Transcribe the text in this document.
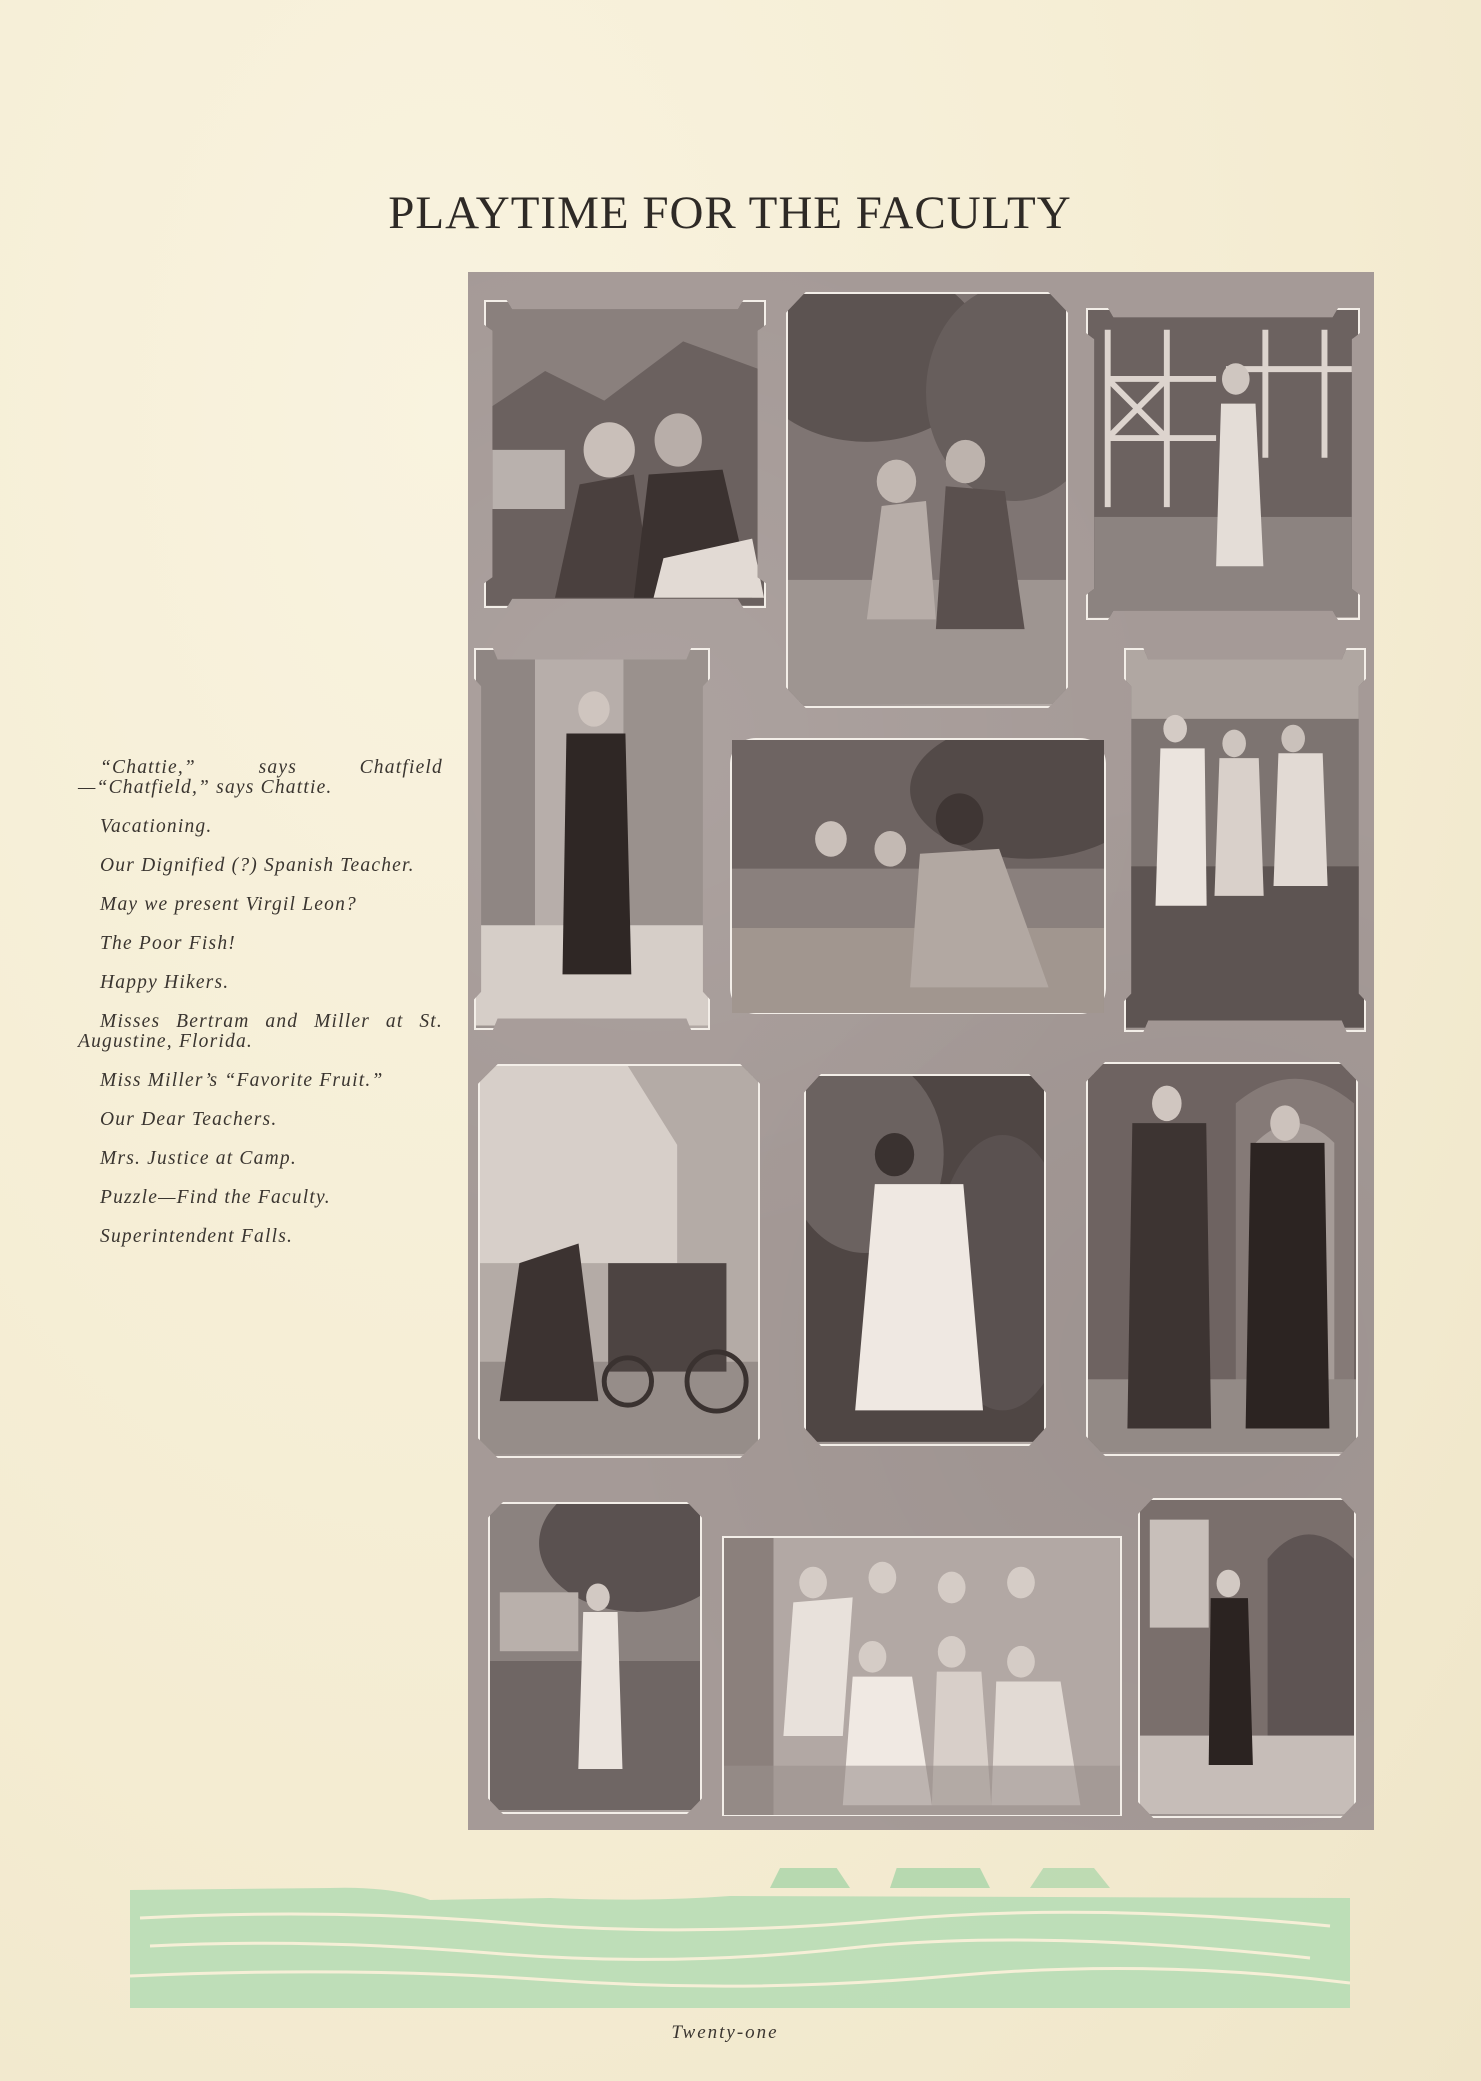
PLAYTIME FOR THE FACULTY

“Chattie,” says Chatfield—“Chatfield,” says Chattie.

Vacationing.

Our Dignified (?) Spanish Teacher.

May we present Virgil Leon?

The Poor Fish!

Happy Hikers.

Misses Bertram and Miller at St. Augustine, Florida.

Miss Miller’s “Favorite Fruit.”

Our Dear Teachers.

Mrs. Justice at Camp.

Puzzle—Find the Faculty.

Superintendent Falls.

Twenty-one
